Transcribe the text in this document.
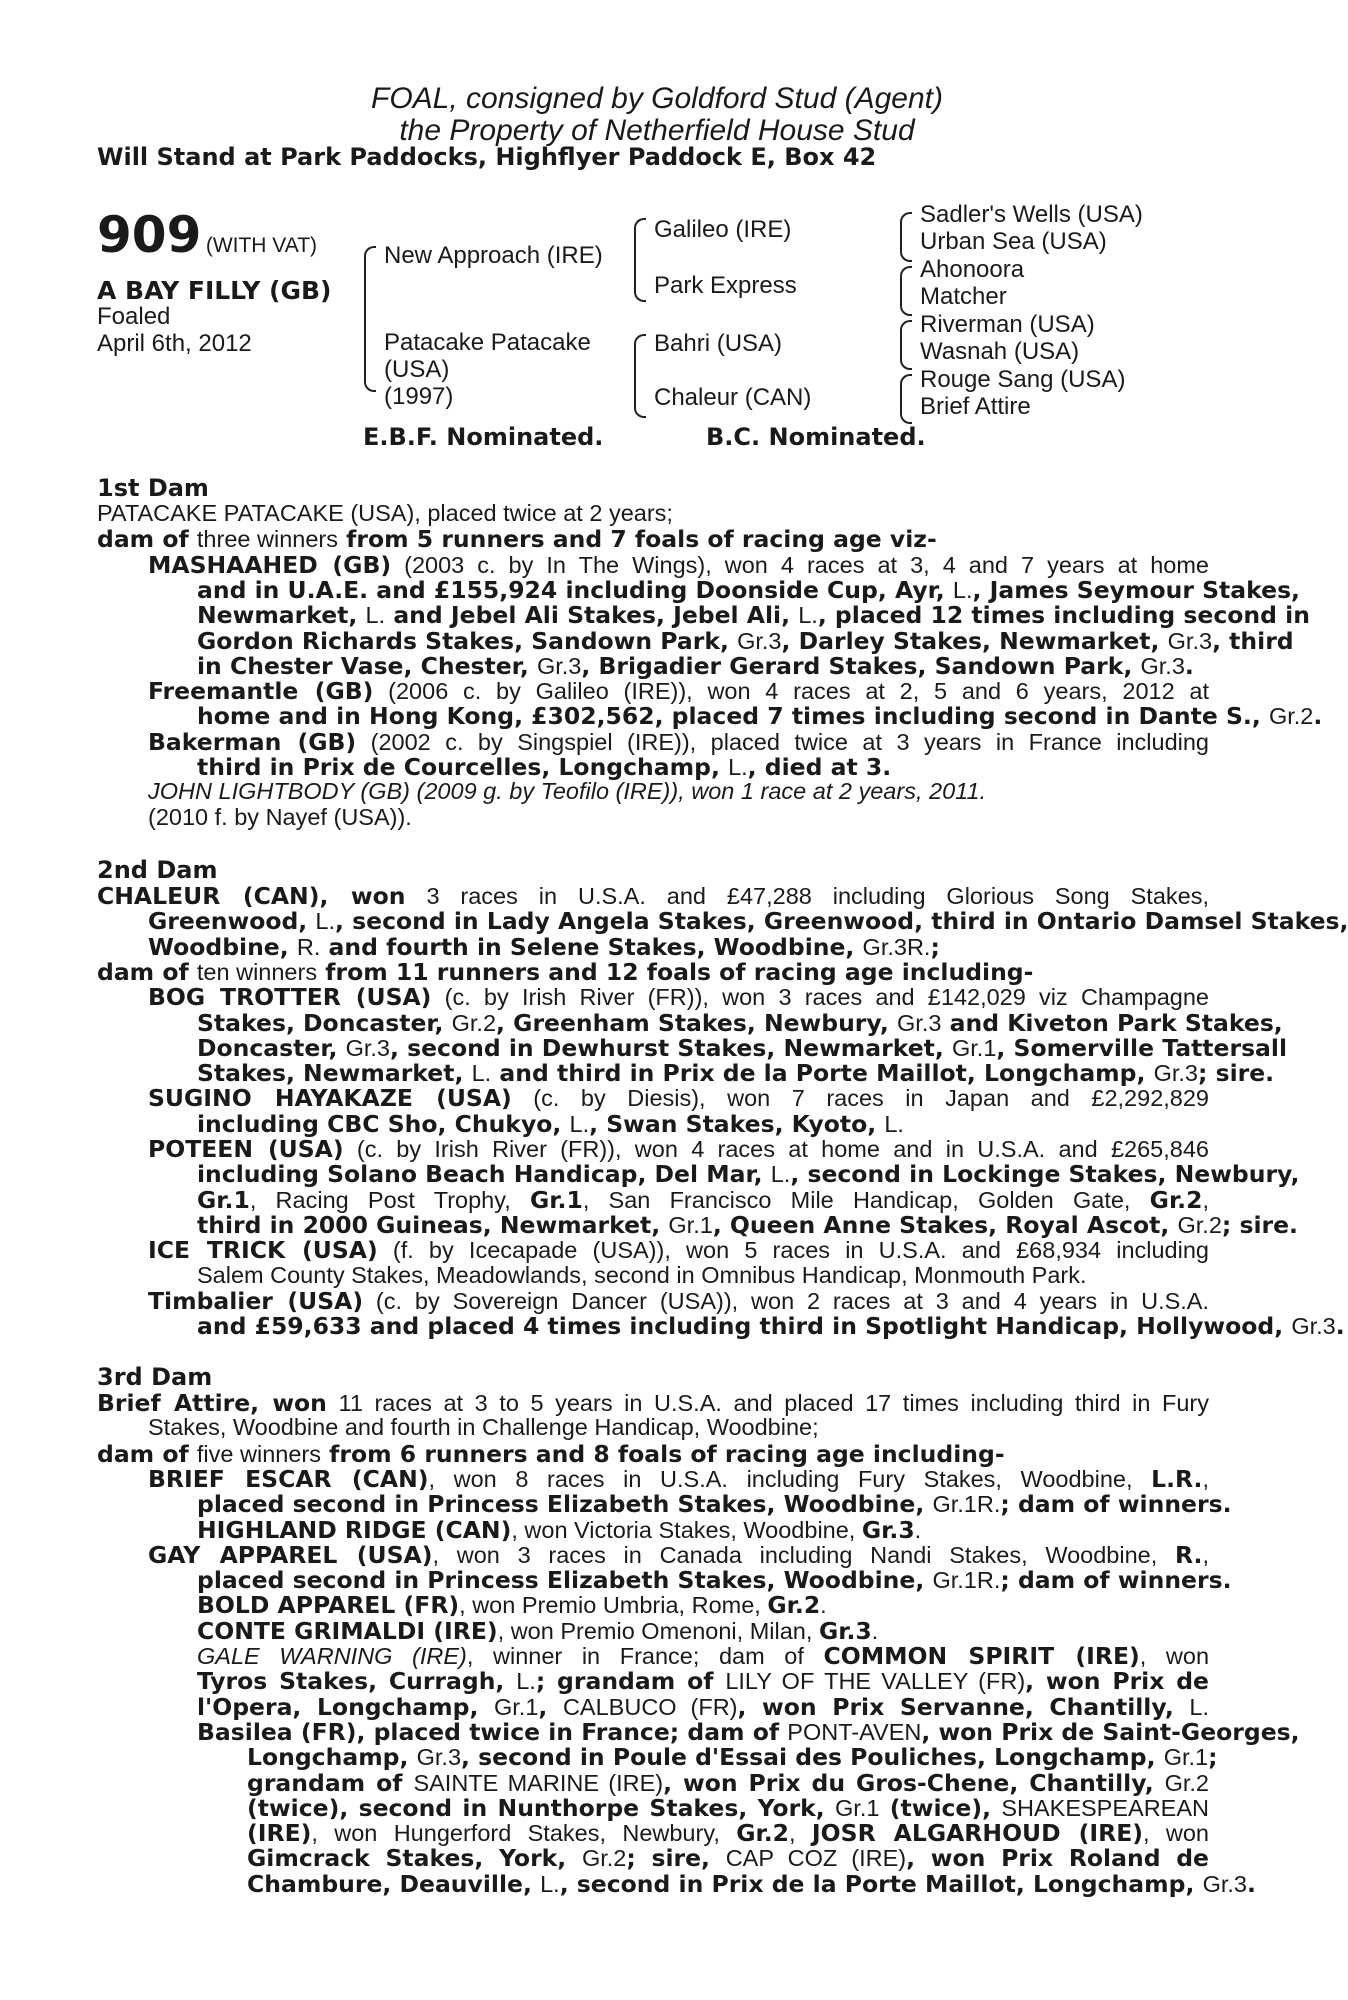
FOAL, consigned by Goldford Stud (Agent)
the Property of Netherfield House Stud
Will Stand at Park Paddocks, Highflyer Paddock E, Box 42
909 (WITH VAT)
A BAY FILLY (GB)
Foaled
April 6th, 2012
New Approach (IRE)
Patacake Patacake
(USA)
(1997)
Galileo (IRE)
Park Express
Bahri (USA)
Chaleur (CAN)
Sadler's Wells (USA)
Urban Sea (USA)
Ahonoora
Matcher
Riverman (USA)
Wasnah (USA)
Rouge Sang (USA)
Brief Attire
E.B.F. Nominated.	B.C. Nominated.
1st Dam
2nd Dam
3rd Dam
PATACAKE PATACAKE (USA), placed twice at 2 years;
dam of three winners from 5 runners and 7 foals of racing age viz-
MASHAAHED (GB) (2003 c. by In The Wings), won 4 races at 3, 4 and 7 years at home
and in U.A.E. and £155,924 including Doonside Cup, Ayr, L., James Seymour Stakes,
Newmarket, L. and Jebel Ali Stakes, Jebel Ali, L., placed 12 times including second in
Gordon Richards Stakes, Sandown Park, Gr.3, Darley Stakes, Newmarket, Gr.3, third
in Chester Vase, Chester, Gr.3, Brigadier Gerard Stakes, Sandown Park, Gr.3.
Freemantle (GB) (2006 c. by Galileo (IRE)), won 4 races at 2, 5 and 6 years, 2012 at
home and in Hong Kong, £302,562, placed 7 times including second in Dante S., Gr.2.
Bakerman (GB) (2002 c. by Singspiel (IRE)), placed twice at 3 years in France including
third in Prix de Courcelles, Longchamp, L., died at 3.
JOHN LIGHTBODY (GB) (2009 g. by Teofilo (IRE)), won 1 race at 2 years, 2011.
(2010 f. by Nayef (USA)).
CHALEUR (CAN), won 3 races in U.S.A. and £47,288 including Glorious Song Stakes,
Greenwood, L., second in Lady Angela Stakes, Greenwood, third in Ontario Damsel Stakes,
Woodbine, R. and fourth in Selene Stakes, Woodbine, Gr.3R.;
dam of ten winners from 11 runners and 12 foals of racing age including-
BOG TROTTER (USA) (c. by Irish River (FR)), won 3 races and £142,029 viz Champagne
Stakes, Doncaster, Gr.2, Greenham Stakes, Newbury, Gr.3 and Kiveton Park Stakes,
Doncaster, Gr.3, second in Dewhurst Stakes, Newmarket, Gr.1, Somerville Tattersall
Stakes, Newmarket, L. and third in Prix de la Porte Maillot, Longchamp, Gr.3; sire.
SUGINO HAYAKAZE (USA) (c. by Diesis), won 7 races in Japan and £2,292,829
including CBC Sho, Chukyo, L., Swan Stakes, Kyoto, L.
POTEEN (USA) (c. by Irish River (FR)), won 4 races at home and in U.S.A. and £265,846
including Solano Beach Handicap, Del Mar, L., second in Lockinge Stakes, Newbury,
Gr.1, Racing Post Trophy, Gr.1, San Francisco Mile Handicap, Golden Gate, Gr.2,
third in 2000 Guineas, Newmarket, Gr.1, Queen Anne Stakes, Royal Ascot, Gr.2; sire.
ICE TRICK (USA) (f. by Icecapade (USA)), won 5 races in U.S.A. and £68,934 including
Salem County Stakes, Meadowlands, second in Omnibus Handicap, Monmouth Park.
Timbalier (USA) (c. by Sovereign Dancer (USA)), won 2 races at 3 and 4 years in U.S.A.
and £59,633 and placed 4 times including third in Spotlight Handicap, Hollywood, Gr.3.
Brief Attire, won 11 races at 3 to 5 years in U.S.A. and placed 17 times including third in Fury
Stakes, Woodbine and fourth in Challenge Handicap, Woodbine;
dam of five winners from 6 runners and 8 foals of racing age including-
BRIEF ESCAR (CAN), won 8 races in U.S.A. including Fury Stakes, Woodbine, L.R.,
placed second in Princess Elizabeth Stakes, Woodbine, Gr.1R.; dam of winners.
HIGHLAND RIDGE (CAN), won Victoria Stakes, Woodbine, Gr.3.
GAY APPAREL (USA), won 3 races in Canada including Nandi Stakes, Woodbine, R.,
placed second in Princess Elizabeth Stakes, Woodbine, Gr.1R.; dam of winners.
BOLD APPAREL (FR), won Premio Umbria, Rome, Gr.2.
CONTE GRIMALDI (IRE), won Premio Omenoni, Milan, Gr.3.
GALE WARNING (IRE), winner in France; dam of COMMON SPIRIT (IRE), won
Tyros Stakes, Curragh, L.; grandam of LILY OF THE VALLEY (FR), won Prix de
l'Opera, Longchamp, Gr.1, CALBUCO (FR), won Prix Servanne, Chantilly, L.
Basilea (FR), placed twice in France; dam of PONT-AVEN, won Prix de Saint-Georges,
Longchamp, Gr.3, second in Poule d'Essai des Pouliches, Longchamp, Gr.1;
grandam of SAINTE MARINE (IRE), won Prix du Gros-Chene, Chantilly, Gr.2
(twice), second in Nunthorpe Stakes, York, Gr.1 (twice), SHAKESPEAREAN
(IRE), won Hungerford Stakes, Newbury, Gr.2, JOSR ALGARHOUD (IRE), won
Gimcrack Stakes, York, Gr.2; sire, CAP COZ (IRE), won Prix Roland de
Chambure, Deauville, L., second in Prix de la Porte Maillot, Longchamp, Gr.3.
